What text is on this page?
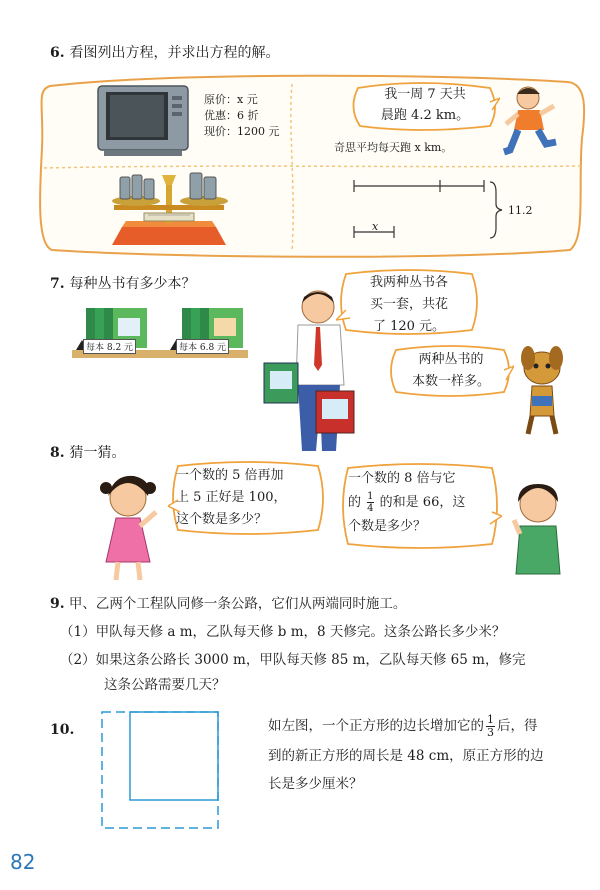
6. 看图列出方程，并求出方程的解。
原价：x 元
优惠：6 折
现价：1200 元
我一周 7 天共
晨跑 4.2 km。
奇思平均每天跑 x km。
11.2
x
7. 每种丛书有多少本？
每本 8.2 元	每本 6.8 元
我两种丛书各
买一套，共花
了 120 元。
两种丛书的
本数一样多。
8. 猜一猜。
一个数的 5 倍再加
上 5 正好是 100，
这个数是多少？
一个数的 8 倍与它
的 $\frac{1}{4}$ 的和是 66，这
个数是多少？
9. 甲、乙两个工程队同修一条公路，它们从两端同时施工。
（1）甲队每天修 a m，乙队每天修 b m，8 天修完。这条公路长多少米？
（2）如果这条公路长 3000 m，甲队每天修 85 m，乙队每天修 65 m，修完
这条公路需要几天？
10.	如左图，一个正方形的边长增加它的 $\frac{1}{3}$ 后，得
到的新正方形的周长是 48 cm，原正方形的边
长是多少厘米？
82
